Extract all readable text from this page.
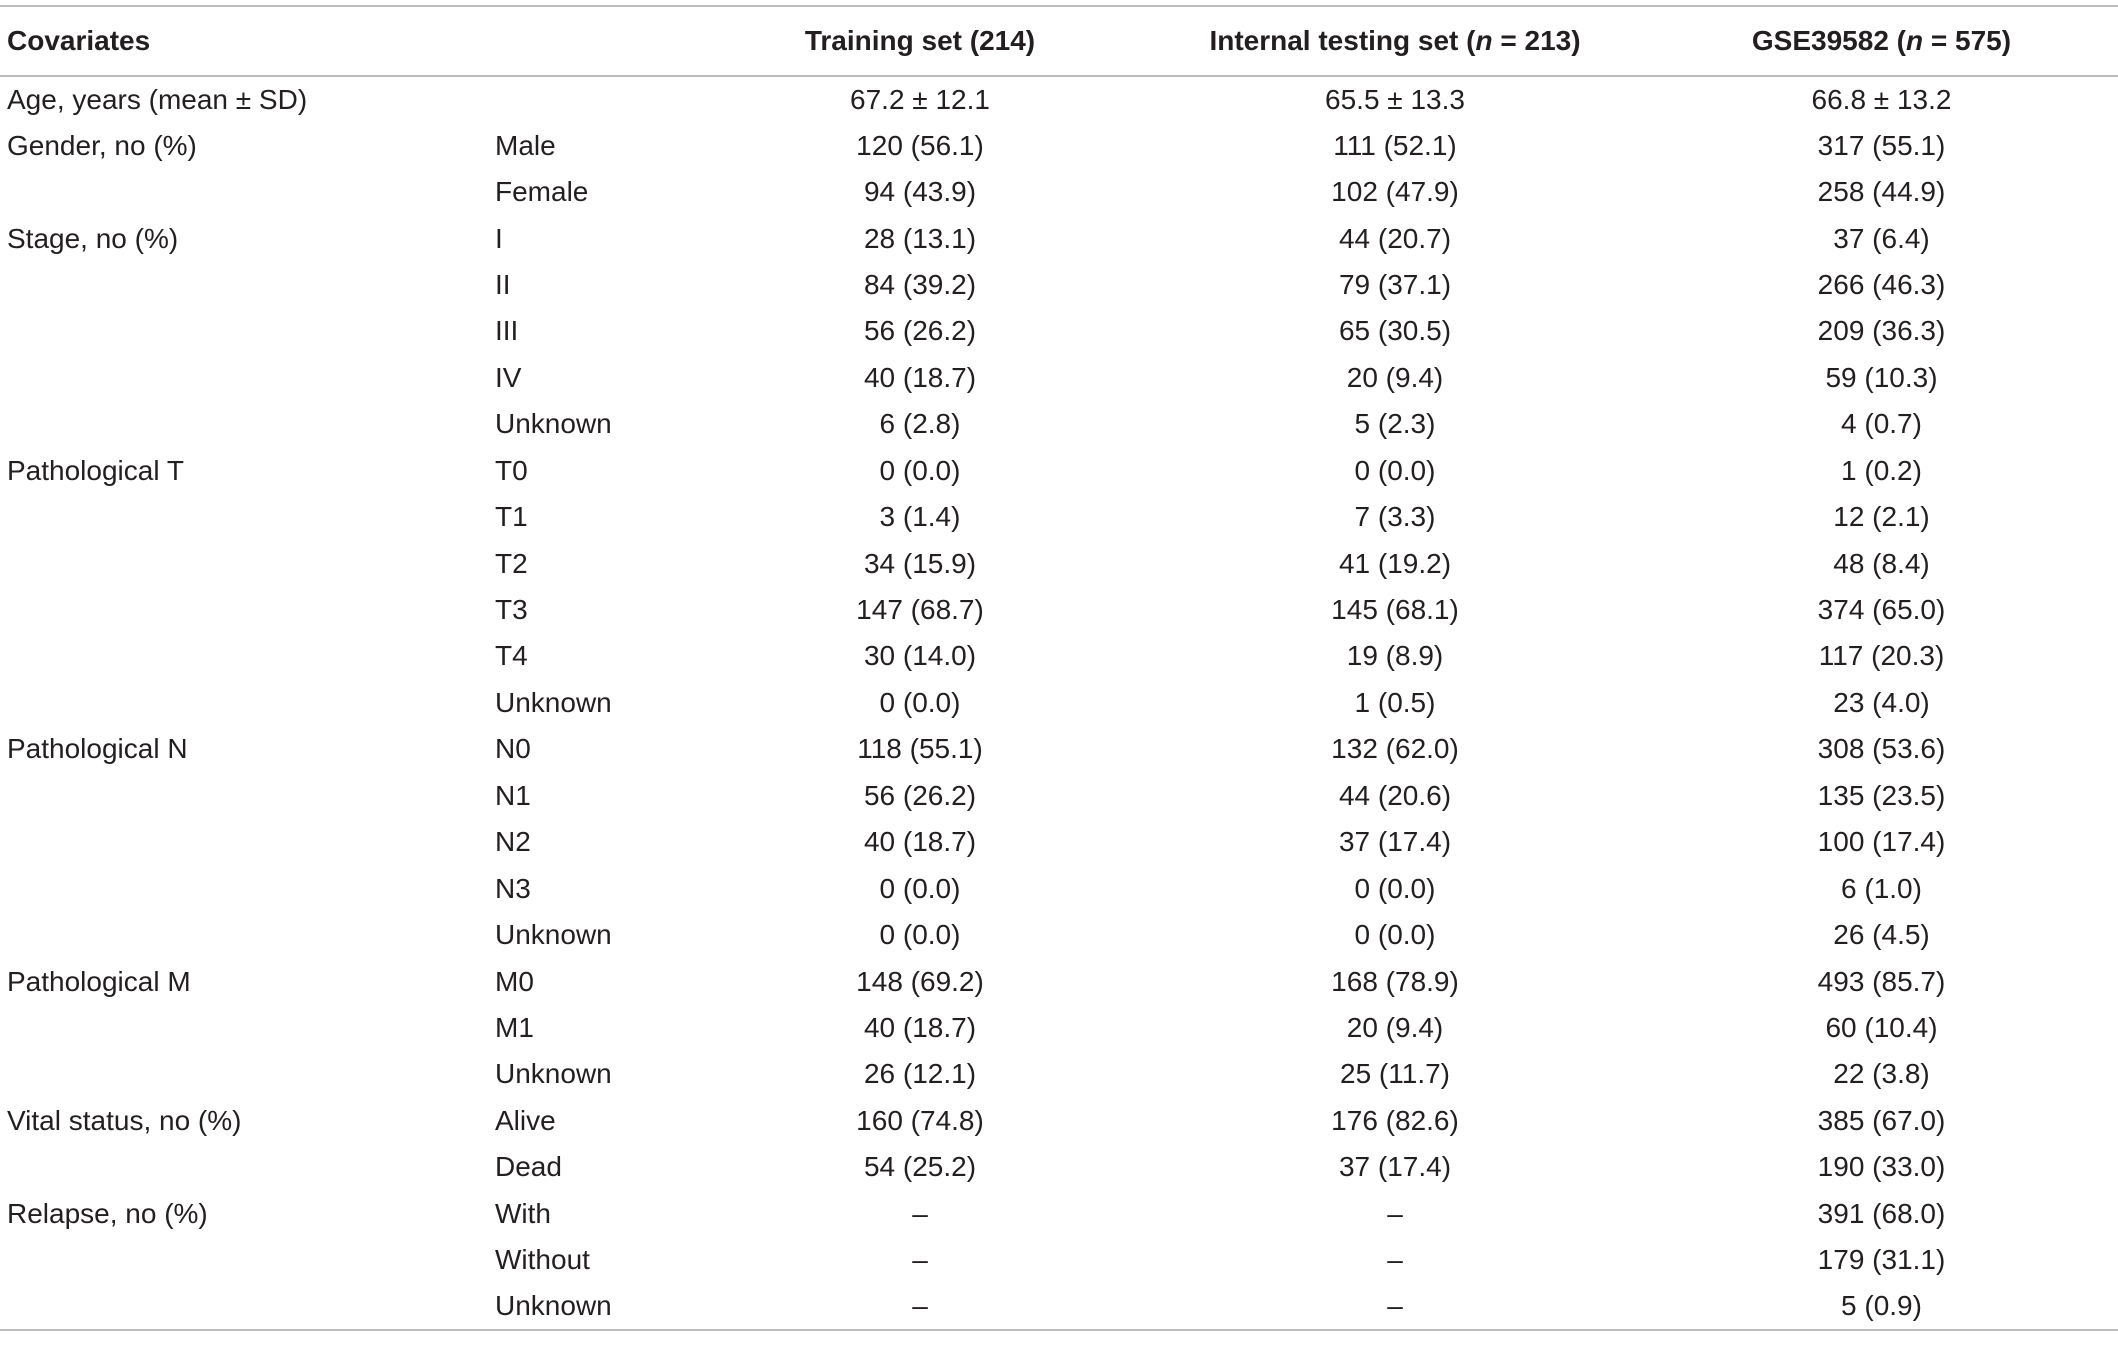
Covariates		Training set (214)	Internal testing set (n = 213)	GSE39582 (n = 575)
Age, years (mean ± SD)		67.2 ± 12.1	65.5 ± 13.3	66.8 ± 13.2
Gender, no (%)	Male	120 (56.1)	111 (52.1)	317 (55.1)
	Female	94 (43.9)	102 (47.9)	258 (44.9)
Stage, no (%)	I	28 (13.1)	44 (20.7)	37 (6.4)
	II	84 (39.2)	79 (37.1)	266 (46.3)
	III	56 (26.2)	65 (30.5)	209 (36.3)
	IV	40 (18.7)	20 (9.4)	59 (10.3)
	Unknown	6 (2.8)	5 (2.3)	4 (0.7)
Pathological T	T0	0 (0.0)	0 (0.0)	1 (0.2)
	T1	3 (1.4)	7 (3.3)	12 (2.1)
	T2	34 (15.9)	41 (19.2)	48 (8.4)
	T3	147 (68.7)	145 (68.1)	374 (65.0)
	T4	30 (14.0)	19 (8.9)	117 (20.3)
	Unknown	0 (0.0)	1 (0.5)	23 (4.0)
Pathological N	N0	118 (55.1)	132 (62.0)	308 (53.6)
	N1	56 (26.2)	44 (20.6)	135 (23.5)
	N2	40 (18.7)	37 (17.4)	100 (17.4)
	N3	0 (0.0)	0 (0.0)	6 (1.0)
	Unknown	0 (0.0)	0 (0.0)	26 (4.5)
Pathological M	M0	148 (69.2)	168 (78.9)	493 (85.7)
	M1	40 (18.7)	20 (9.4)	60 (10.4)
	Unknown	26 (12.1)	25 (11.7)	22 (3.8)
Vital status, no (%)	Alive	160 (74.8)	176 (82.6)	385 (67.0)
	Dead	54 (25.2)	37 (17.4)	190 (33.0)
Relapse, no (%)	With	–	–	391 (68.0)
	Without	–	–	179 (31.1)
	Unknown	–	–	5 (0.9)
